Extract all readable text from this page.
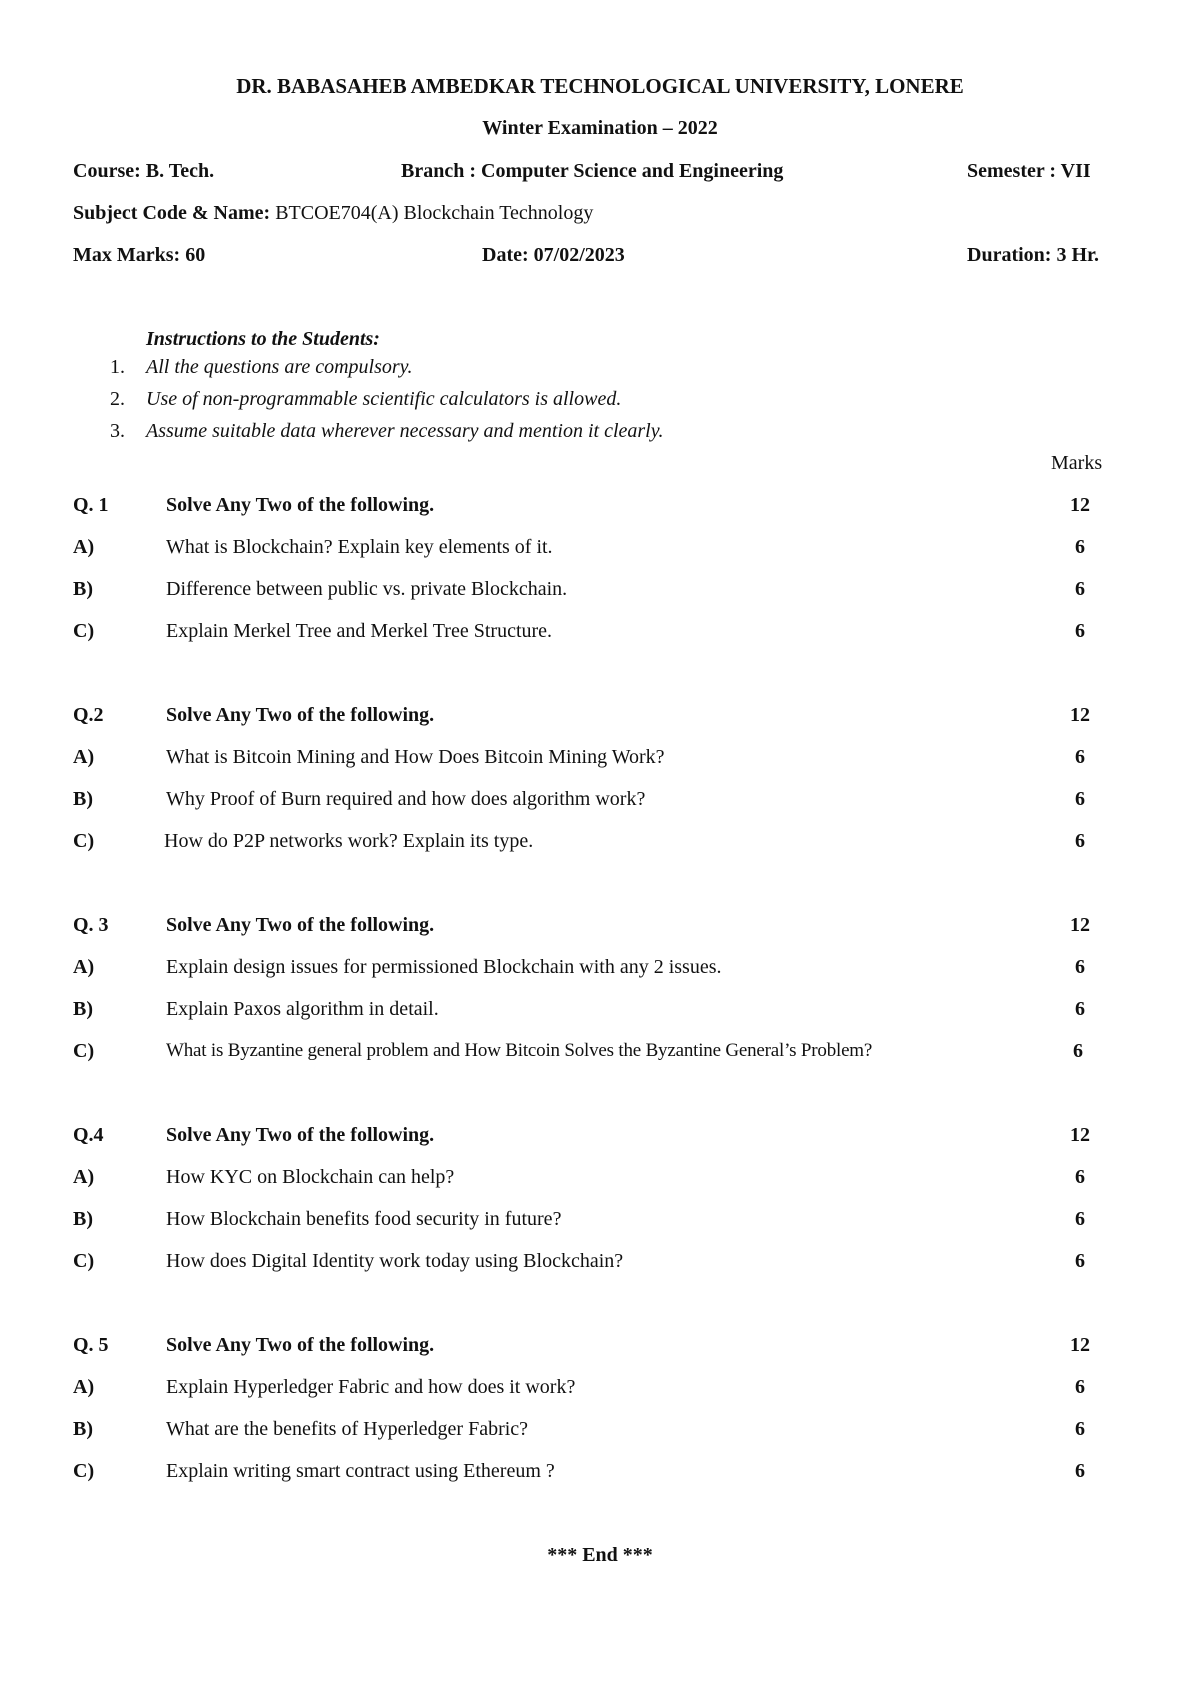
DR. BABASAHEB AMBEDKAR TECHNOLOGICAL UNIVERSITY, LONERE
Winter Examination – 2022
Course: B. Tech.	Branch : Computer Science and Engineering	Semester : VII
Subject Code & Name: BTCOE704(A) Blockchain Technology
Max Marks: 60	Date: 07/02/2023	Duration: 3 Hr.
Instructions to the Students:
1. All the questions are compulsory.
2. Use of non-programmable scientific calculators is allowed.
3. Assume suitable data wherever necessary and mention it clearly.
Marks
Q. 1	Solve Any Two of the following.	12
A)	What is Blockchain? Explain key elements of it.	6
B)	Difference between public vs. private Blockchain.	6
C)	Explain Merkel Tree and Merkel Tree Structure.	6
Q.2	Solve Any Two of the following.	12
A)	What is Bitcoin Mining and How Does Bitcoin Mining Work?	6
B)	Why Proof of Burn required and how does algorithm work?	6
C)	How do P2P networks work? Explain its type.	6
Q. 3	Solve Any Two of the following.	12
A)	Explain design issues for permissioned Blockchain with any 2 issues.	6
B)	Explain Paxos algorithm in detail.	6
C)	What is Byzantine general problem and How Bitcoin Solves the Byzantine General’s Problem?	6
Q.4	Solve Any Two of the following.	12
A)	How KYC on Blockchain can help?	6
B)	How Blockchain benefits food security in future?	6
C)	How does Digital Identity work today using Blockchain?	6
Q. 5	Solve Any Two of the following.	12
A)	Explain Hyperledger Fabric and how does it work?	6
B)	What are the benefits of Hyperledger Fabric?	6
C)	Explain writing smart contract using Ethereum ?	6
*** End ***
